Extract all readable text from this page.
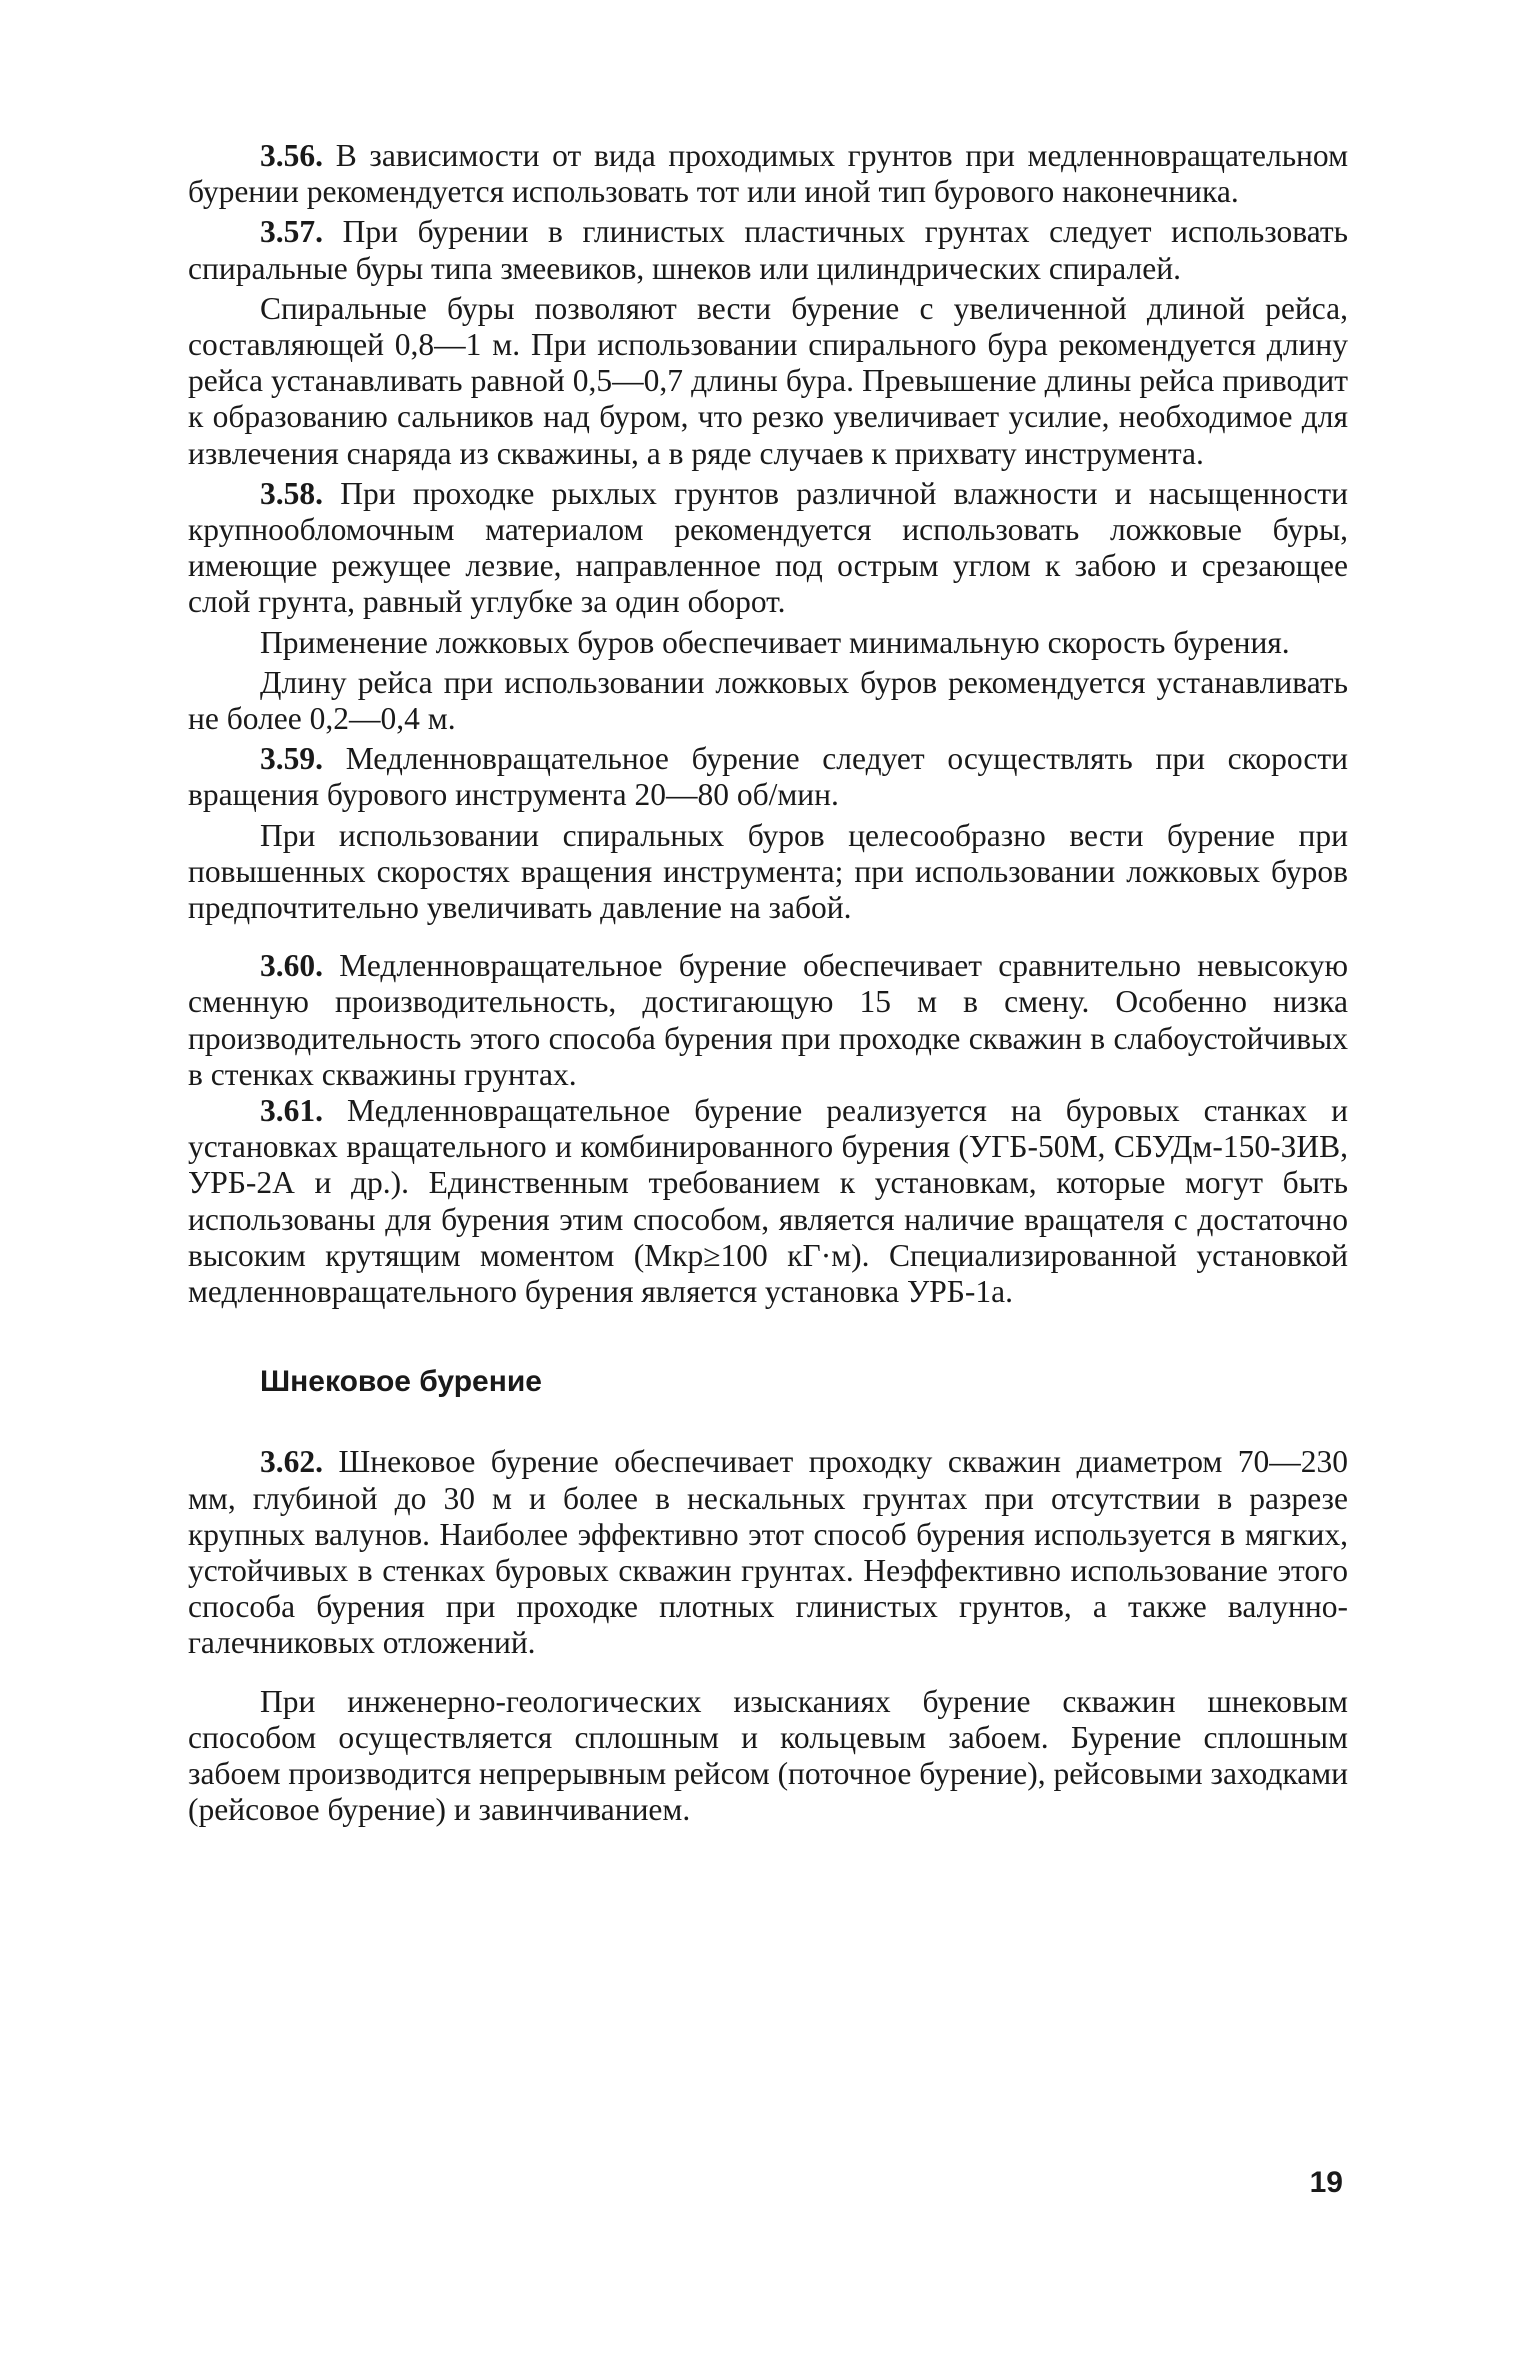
3.56. В зависимости от вида проходимых грунтов при медленновращательном бурении рекомендуется использовать тот или иной тип бурового наконечника.

3.57. При бурении в глинистых пластичных грунтах следует использовать спиральные буры типа змеевиков, шнеков или цилиндрических спиралей.

Спиральные буры позволяют вести бурение с увеличенной длиной рейса, составляющей 0,8—1 м. При использовании спирального бура рекомендуется длину рейса устанавливать равной 0,5—0,7 длины бура. Превышение длины рейса приводит к образованию сальников над буром, что резко увеличивает усилие, необходимое для извлечения снаряда из скважины, а в ряде случаев к прихвату инструмента.

3.58. При проходке рыхлых грунтов различной влажности и насыщенности крупнообломочным материалом рекомендуется использовать ложковые буры, имеющие режущее лезвие, направленное под острым углом к забою и срезающее слой грунта, равный углубке за один оборот.

Применение ложковых буров обеспечивает минимальную скорость бурения.

Длину рейса при использовании ложковых буров рекомендуется устанавливать не более 0,2—0,4 м.

3.59. Медленновращательное бурение следует осуществлять при скорости вращения бурового инструмента 20—80 об/мин.

При использовании спиральных буров целесообразно вести бурение при повышенных скоростях вращения инструмента; при использовании ложковых буров предпочтительно увеличивать давление на забой.

3.60. Медленновращательное бурение обеспечивает сравнительно невысокую сменную производительность, достигающую 15 м в смену. Особенно низка производительность этого способа бурения при проходке скважин в слабоустойчивых в стенках скважины грунтах.

3.61. Медленновращательное бурение реализуется на буровых станках и установках вращательного и комбинированного бурения (УГБ-50М, СБУДм-150-ЗИВ, УРБ-2А и др.). Единственным требованием к установкам, которые могут быть использованы для бурения этим способом, является наличие вращателя с достаточно высоким крутящим моментом (Mкр≥100 кГ·м). Специализированной установкой медленновращательного бурения является установка УРБ-1а.

Шнековое бурение

3.62. Шнековое бурение обеспечивает проходку скважин диаметром 70—230 мм, глубиной до 30 м и более в нескальных грунтах при отсутствии в разрезе крупных валунов. Наиболее эффективно этот способ бурения используется в мягких, устойчивых в стенках буровых скважин грунтах. Неэффективно использование этого способа бурения при проходке плотных глинистых грунтов, а также валунно-галечниковых отложений.

При инженерно-геологических изысканиях бурение скважин шнековым способом осуществляется сплошным и кольцевым забоем. Бурение сплошным забоем производится непрерывным рейсом (поточное бурение), рейсовыми заходками (рейсовое бурение) и завинчиванием.

19
